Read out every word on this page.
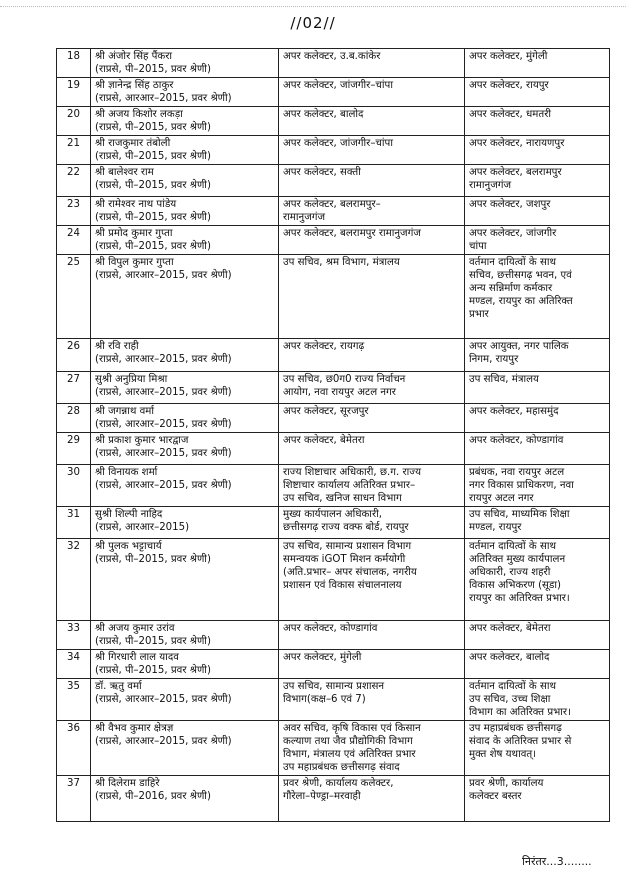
//02//
18	श्री अंजोर सिंह पैंकरा
(राप्रसे, पी–2015, प्रवर श्रेणी)	अपर कलेक्टर, उ.ब.कांकेर	अपर कलेक्टर, मुंगेली

19	श्री ज्ञानेन्द्र सिंह ठाकुर
(राप्रसे, आरआर–2015, प्रवर श्रेणी)	अपर कलेक्टर, जांजगीर–चांपा	अपर कलेक्टर, रायपुर

20	श्री अजय किशोर लकड़ा
(राप्रसे, पी–2015, प्रवर श्रेणी)	अपर कलेक्टर, बालोद	अपर कलेक्टर, धमतरी

21	श्री राजकुमार तंबोली
(राप्रसे, पी–2015, प्रवर श्रेणी)	अपर कलेक्टर, जांजगीर–चांपा	अपर कलेक्टर, नारायणपुर

22	श्री बालेश्वर राम
(राप्रसे, पी–2015, प्रवर श्रेणी)	अपर कलेक्टर, सक्ती	अपर कलेक्टर, बलरामपुर
रामानुजगंज

23	श्री रामेश्वर नाथ पांडेय
(राप्रसे, पी–2015, प्रवर श्रेणी)	अपर कलेक्टर, बलरामपुर–
रामानुजगंज	अपर कलेक्टर, जशपुर

24	श्री प्रमोद कुमार गुप्ता
(राप्रसे, पी–2015, प्रवर श्रेणी)	अपर कलेक्टर, बलरामपुर रामानुजगंज	अपर कलेक्टर, जांजगीर
चांपा

25	श्री विपुल कुमार गुप्ता
(राप्रसे, आरआर–2015, प्रवर श्रेणी)	उप सचिव, श्रम विभाग, मंत्रालय	वर्तमान दायित्वों के साथ
सचिव, छत्तीसगढ़ भवन, एवं
अन्य सन्निर्माण कर्मकार
मण्डल, रायपुर का अतिरिक्त
प्रभार

26	श्री रवि राही
(राप्रसे, आरआर–2015, प्रवर श्रेणी)	अपर कलेक्टर, रायगढ़	अपर आयुक्त, नगर पालिक
निगम, रायपुर

27	सुश्री अनुप्रिया मिश्रा
(राप्रसे, आरआर–2015, प्रवर श्रेणी)	उप सचिव, छ0ग0 राज्य निर्वाचन
आयोग, नवा रायपुर अटल नगर	उप सचिव, मंत्रालय

28	श्री जगन्नाथ वर्मा
(राप्रसे, आरआर–2015, प्रवर श्रेणी)	अपर कलेक्टर, सूरजपुर	अपर कलेक्टर, महासमुंद

29	श्री प्रकाश कुमार भारद्वाज
(राप्रसे, आरआर–2015, प्रवर श्रेणी)	अपर कलेक्टर, बेमेतरा	अपर कलेक्टर, कोण्डागांव

30	श्री विनायक शर्मा
(राप्रसे, आरआर–2015, प्रवर श्रेणी)	राज्य शिष्टाचार अधिकारी, छ.ग. राज्य
शिष्टाचार कार्यालय अतिरिक्त प्रभार–
उप सचिव, खनिज साधन विभाग	प्रबंधक, नवा रायपुर अटल
नगर विकास प्राधिकरण, नवा
रायपुर अटल नगर

31	सुश्री शिल्पी नाहिद
(राप्रसे, आरआर–2015)	मुख्य कार्यपालन अधिकारी,
छत्तीसगढ़ राज्य वक्फ बोर्ड, रायपुर	उप सचिव, माध्यमिक शिक्षा
मण्डल, रायपुर

32	श्री पुलक भट्टाचार्य
(राप्रसे, पी–2015, प्रवर श्रेणी)	उप सचिव, सामान्य प्रशासन विभाग
समन्वयक iGOT मिशन कर्मयोगी
(अति.प्रभार– अपर संचालक, नगरीय
प्रशासन एवं विकास संचालनालय	वर्तमान दायित्वों के साथ
अतिरिक्त मुख्य कार्यपालन
अधिकारी, राज्य शहरी
विकास अभिकरण (सूडा)
रायपुर का अतिरिक्त प्रभार।

33	श्री अजय कुमार उरांव
(राप्रसे, पी–2015, प्रवर श्रेणी)	अपर कलेक्टर, कोण्डागांव	अपर कलेक्टर, बेमेतरा

34	श्री गिरधारी लाल यादव
(राप्रसे, पी–2015, प्रवर श्रेणी)	अपर कलेक्टर, मुंगेली	अपर कलेक्टर, बालोद

35	डॉ. ऋतु वर्मा
(राप्रसे, आरआर–2015, प्रवर श्रेणी)	उप सचिव, सामान्य प्रशासन
विभाग(कक्ष–6 एवं 7)	वर्तमान दायित्वों के साथ
उप सचिव, उच्च शिक्षा
विभाग का अतिरिक्त प्रभार।

36	श्री वैभव कुमार क्षेत्रज्ञ
(राप्रसे, आरआर–2015, प्रवर श्रेणी)	अवर सचिव, कृषि विकास एवं किसान
कल्याण तथा जैव प्रौद्योगिकी विभाग
विभाग, मंत्रालय एवं अतिरिक्त प्रभार
उप महाप्रबंधक छत्तीसगढ़ संवाद	उप महाप्रबंधक छत्तीसगढ़
संवाद के अतिरिक्त प्रभार से
मुक्त शेष यथावत्।

37	श्री दिलेराम डाहिरे
(राप्रसे, पी–2016, प्रवर श्रेणी)	प्रवर श्रेणी, कार्यालय कलेक्टर,
गौरेला–पेण्ड्रा–मरवाही	प्रवर श्रेणी, कार्यालय
कलेक्टर बस्तर
निरंतर...3........
